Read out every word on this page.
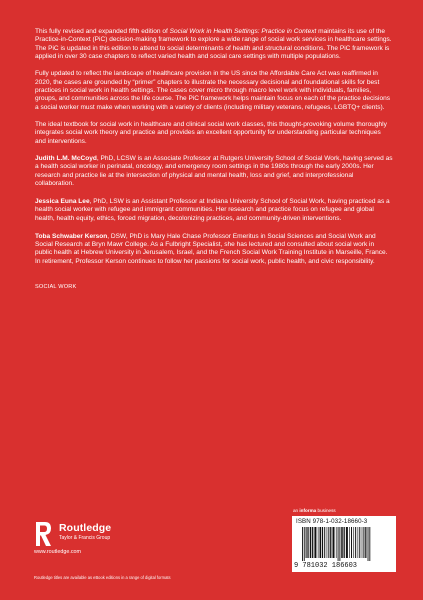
This fully revised and expanded fifth edition of Social Work in Health Settings: Practice in Context maintains its use of the Practice-in-Context (PiC) decision-making framework to explore a wide range of social work services in healthcare settings. The PiC is updated in this edition to attend to social determinants of health and structural conditions. The PiC framework is applied in over 30 case chapters to reflect varied health and social care settings with multiple populations.

Fully updated to reflect the landscape of healthcare provision in the US since the Affordable Care Act was reaffirmed in 2020, the cases are grounded by “primer” chapters to illustrate the necessary decisional and foundational skills for best practices in social work in health settings. The cases cover micro through macro level work with individuals, families, groups, and communities across the life course. The PiC framework helps maintain focus on each of the practice decisions a social worker must make when working with a variety of clients (including military veterans, refugees, LGBTQ+ clients).

The ideal textbook for social work in healthcare and clinical social work classes, this thought-provoking volume thoroughly integrates social work theory and practice and provides an excellent opportunity for understanding particular techniques and interventions.

Judith L.M. McCoyd, PhD, LCSW is an Associate Professor at Rutgers University School of Social Work, having served as a health social worker in perinatal, oncology, and emergency room settings in the 1980s through the early 2000s. Her research and practice lie at the intersection of physical and mental health, loss and grief, and interprofessional collaboration.

Jessica Euna Lee, PhD, LSW is an Assistant Professor at Indiana University School of Social Work, having practiced as a health social worker with refugee and immigrant communities. Her research and practice focus on refugee and global health, health equity, ethics, forced migration, decolonizing practices, and community-driven interventions.

Toba Schwaber Kerson, DSW, PhD is Mary Hale Chase Professor Emeritus in Social Sciences and Social Work and Social Research at Bryn Mawr College. As a Fulbright Specialist, she has lectured and consulted about social work in public health at Hebrew University in Jerusalem, Israel, and the French Social Work Training Institute in Marseille, France. In retirement, Professor Kerson continues to follow her passions for social work, public health, and civic responsibility.

SOCIAL WORK

Routledge
Taylor & Francis Group
www.routledge.com
Routledge titles are available as eBook editions in a range of digital formats
an informa business
ISBN 978-1-032-18660-3
9 781032 186603
